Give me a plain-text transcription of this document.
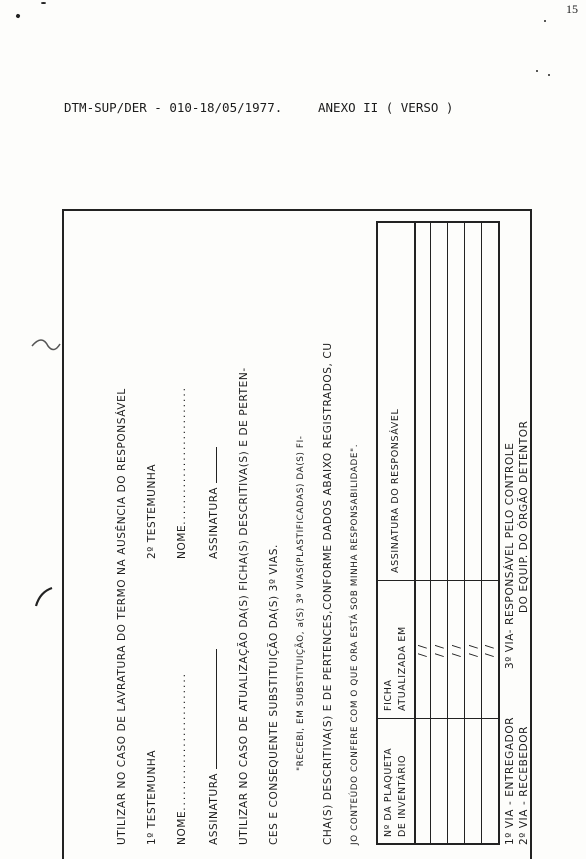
15
DTM-SUP/DER - 010-18/05/1977.	ANEXO II ( VERSO )
UTILIZAR NO CASO DE LAVRATURA DO TERMO NA AUSÊNCIA DO RESPONSÁVEL 1º TESTEMUNHA
2º TESTEMUNHA
NOME..........................
NOME..........................
ASSINATURA
ASSINATURA UTILIZAR NO CASO DE ATUALIZAÇÃO DA(S) FICHA(S) DESCRITIVA(S) E DE PERTEN- CES E CONSEQUENTE SUBSTITUIÇÃO DA(S) 3º VIAS. "RECEBI, EM SUBSTITUIÇÃO, a(S) 3º VIAS(PLASTIFICADAS) DA(S) FI- CHA(S) DESCRITIVA(S) E DE PERTENCES,CONFORME DADOS ABAIXO REGISTRADOS, CU JO CONTEÚDO CONFERE COM O QUE ORA ESTÁ SOB MINHA RESPONSABILIDADE". Nº DA PLAQUETA DE INVENTÁRIO
FICHA ATUALIZADA EM
ASSINATURA DO RESPONSÁVEL
/ / / / / / / / / /
1º VIA - ENTREGADOR 2º VIA - RECEBEDOR
3º VIA- RESPONSÁVEL PELO CONTROLE DO EQUIP. DO ÓRGÃO DETENTOR
